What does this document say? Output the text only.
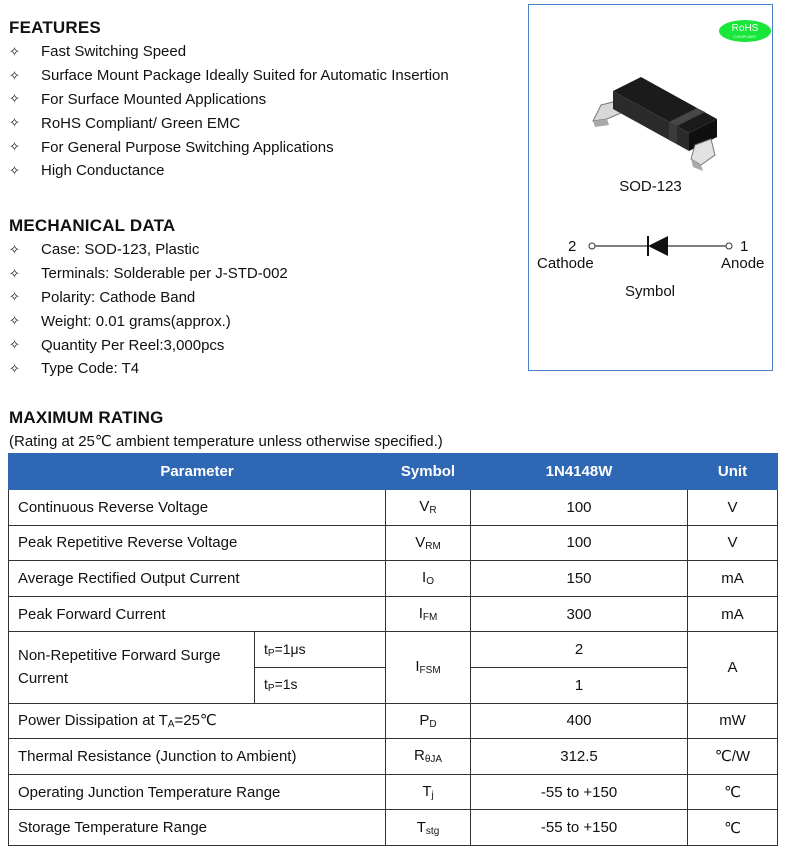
FEATURES
✧	Fast Switching Speed
✧	Surface Mount Package Ideally Suited for Automatic Insertion
✧	For Surface Mounted Applications
✧	RoHS Compliant/ Green EMC
✧	For General Purpose Switching Applications
✧	High Conductance
MECHANICAL DATA
✧	Case: SOD-123, Plastic
✧	Terminals: Solderable per J-STD-002
✧	Polarity: Cathode Band
✧	Weight: 0.01 grams(approx.)
✧	Quantity Per Reel:3,000pcs
✧	Type Code: T4
RoHS
COMPLIANT
SOD-123
2
Cathode
1
Anode
Symbol
MAXIMUM RATING
(Rating at 25℃ ambient temperature unless otherwise specified.)
Parameter		Symbol	1N4148W	Unit
Continuous Reverse Voltage		$V_R$	100	V
Peak Repetitive Reverse Voltage		$V_{RM}$	100	V
Average Rectified Output Current		$I_O$	150	mA
Peak Forward Current		$I_{FM}$	300	mA
Non-Repetitive Forward Surge Current	$t_P=1\mu s$	$I_{FSM}$	2	A
	$t_P=1s$		1	
Power Dissipation at $T_A=25℃$		$P_D$	400	mW
Thermal Resistance (Junction to Ambient)		$R_{\theta JA}$	312.5	℃/W
Operating Junction Temperature Range		$T_j$	-55 to +150	℃
Storage Temperature Range		$T_{stg}$	-55 to +150	℃
